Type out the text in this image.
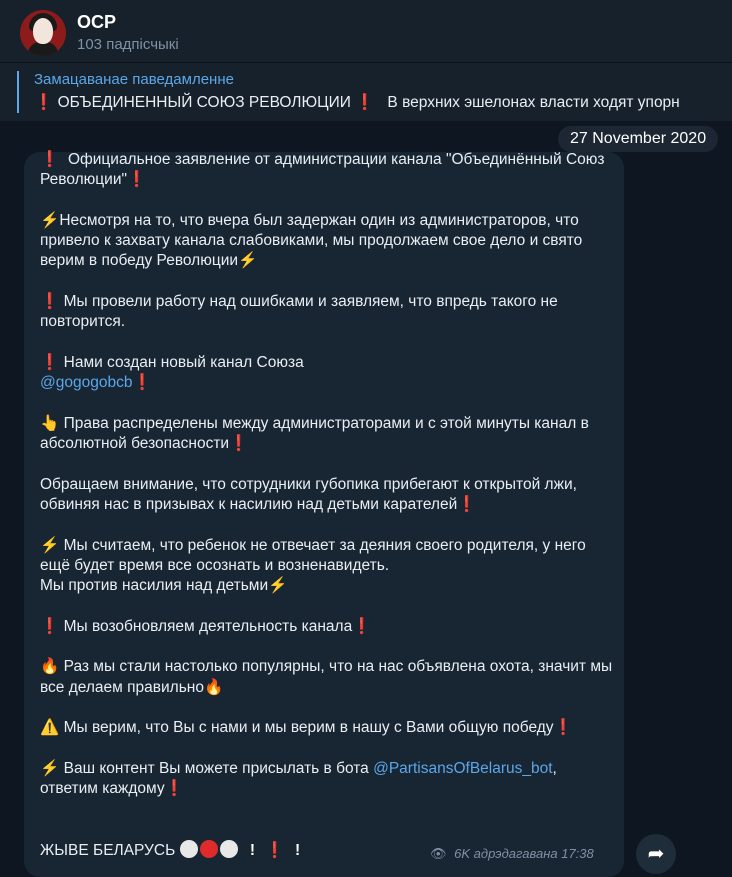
ОСР
103 падпісчыкі
Замацаванае паведамленне
❗ ОБЪЕДИНЕННЫЙ СОЮЗ РЕВОЛЮЦИИ ❗ В верхних эшелонах власти ходят упорн
27 November 2020

❗ Официальное заявление от администрации канала "Объединённый Союз Революции"❗

⚡Несмотря на то, что вчера был задержан один из администраторов, что привело к захвату канала слабовиками, мы продолжаем свое дело и свято верим в победу Революции⚡

❗ Мы провели работу над ошибками и заявляем, что впредь такого не повторится.

❗ Нами создан новый канал Союза
@gogogobcb❗

👆 Права распределены между администраторами и с этой минуты канал в абсолютной безопасности❗

Обращаем внимание, что сотрудники губопика прибегают к открытой лжи, обвиняя нас в призывах к насилию над детьми карателей❗

⚡ Мы считаем, что ребенок не отвечает за деяния своего родителя, у него ещё будет время все осознать и возненавидеть.
Мы против насилия над детьми⚡

❗ Мы возобновляем деятельность канала❗

🔥 Раз мы стали настолько популярны, что на нас объявлена охота, значит мы все делаем правильно🔥

⚠️ Мы верим, что Вы с нами и мы верим в нашу с Вами общую победу❗

⚡ Ваш контент Вы можете присылать в бота @PartisansOfBelarus_bot, ответим каждому❗

ЖЫВЕ БЕЛАРУСЬ	! ❗ !	👁 6K адрэдагавана 17:38	➦
